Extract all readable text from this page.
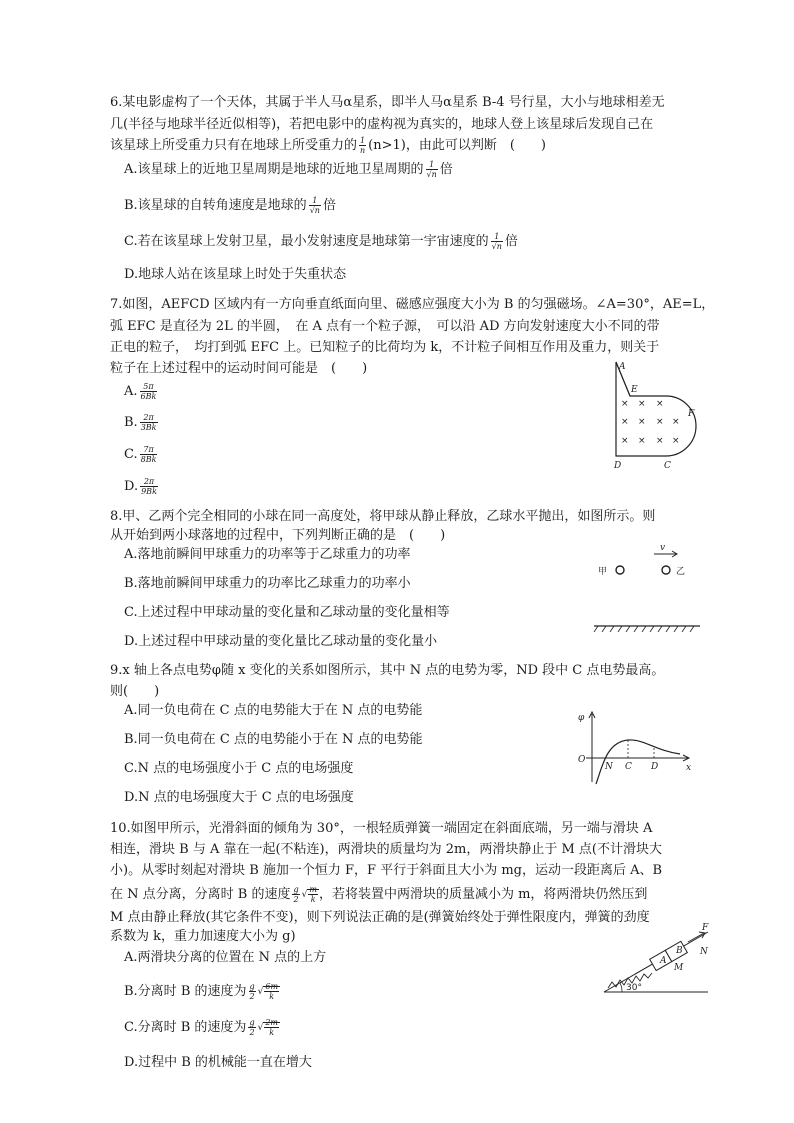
6.某电影虚构了一个天体，其属于半人马α星系，即半人马α星系 B-4 号行星，大小与地球相差无
几(半径与地球半径近似相等)，若把电影中的虚构视为真实的，地球人登上该星球后发现自己在
该星球上所受重力只有在地球上所受重力的 $\frac{1}{n} (n>1)$，由此可以判断　(　　)
A.该星球上的近地卫星周期是地球的近地卫星周期的 $\frac{1}{√n}$ 倍
B.该星球的自转角速度是地球的 $\frac{1}{√n}$ 倍
C.若在该星球上发射卫星，最小发射速度是地球第一宇宙速度的 $\frac{1}{√n}$ 倍
D.地球人站在该星球上时处于失重状态
7.如图，AEFCD 区域内有一方向垂直纸面向里、磁感应强度大小为 B 的匀强磁场。∠A=30°，AE=L，
弧 EFC 是直径为 2L 的半圆，　在 A 点有一个粒子源，　可以沿 AD 方向发射速度大小不同的带
正电的粒子，　均打到弧 EFC 上。已知粒子的比荷均为 k，不计粒子间相互作用及重力，则关于
粒子在上述过程中的运动时间可能是　(　　)
A. $\frac{5\pi}{6Bk}$
B. $\frac{2\pi}{3Bk}$
C. $\frac{7\pi}{8Bk}$
D. $\frac{2\pi}{9Bk}$
A
E
F
C
D
× × ×
× × × ×
× × × ×
8.甲、乙两个完全相同的小球在同一高度处，将甲球从静止释放，乙球水平抛出，如图所示。则
从开始到两小球落地的过程中，下列判断正确的是　(　　)
A.落地前瞬间甲球重力的功率等于乙球重力的功率
B.落地前瞬间甲球重力的功率比乙球重力的功率小
C.上述过程中甲球动量的变化量和乙球动量的变化量相等
D.上述过程中甲球动量的变化量比乙球动量的变化量小
甲	乙
v
9.x 轴上各点电势φ随 x 变化的关系如图所示，其中 N 点的电势为零，ND 段中 C 点电势最高。
则(　　)
A.同一负电荷在 C 点的电势能大于在 N 点的电势能
B.同一负电荷在 C 点的电势能小于在 N 点的电势能
C.N 点的电场强度小于 C 点的电场强度
D.N 点的电场强度大于 C 点的电场强度
φ
O
N C D	x
10.如图甲所示，光滑斜面的倾角为 30°，一根轻质弹簧一端固定在斜面底端，另一端与滑块 A
相连，滑块 B 与 A 靠在一起(不粘连)，两滑块的质量均为 2m，两滑块静止于 M 点(不计滑块大
小)。从零时刻起对滑块 B 施加一个恒力 F，F 平行于斜面且大小为 mg，运动一段距离后 A、B
在 N 点分离，分离时 B 的速度 $\frac{g}{2}$ √ $\frac{m}{k}$ ，若将装置中两滑块的质量减小为 m，将两滑块仍然压到
M 点由静止释放(其它条件不变)，则下列说法正确的是(弹簧始终处于弹性限度内，弹簧的劲度
系数为 k，重力加速度大小为 g)
A.两滑块分离的位置在 N 点的上方
B.分离时 B 的速度为 $\frac{g}{2}$ √ $\frac{6m}{k}$
C.分离时 B 的速度为 $\frac{g}{2}$ √ $\frac{2m}{k}$
D.过程中 B 的机械能一直在增大
A
B
F
N
M
30°
